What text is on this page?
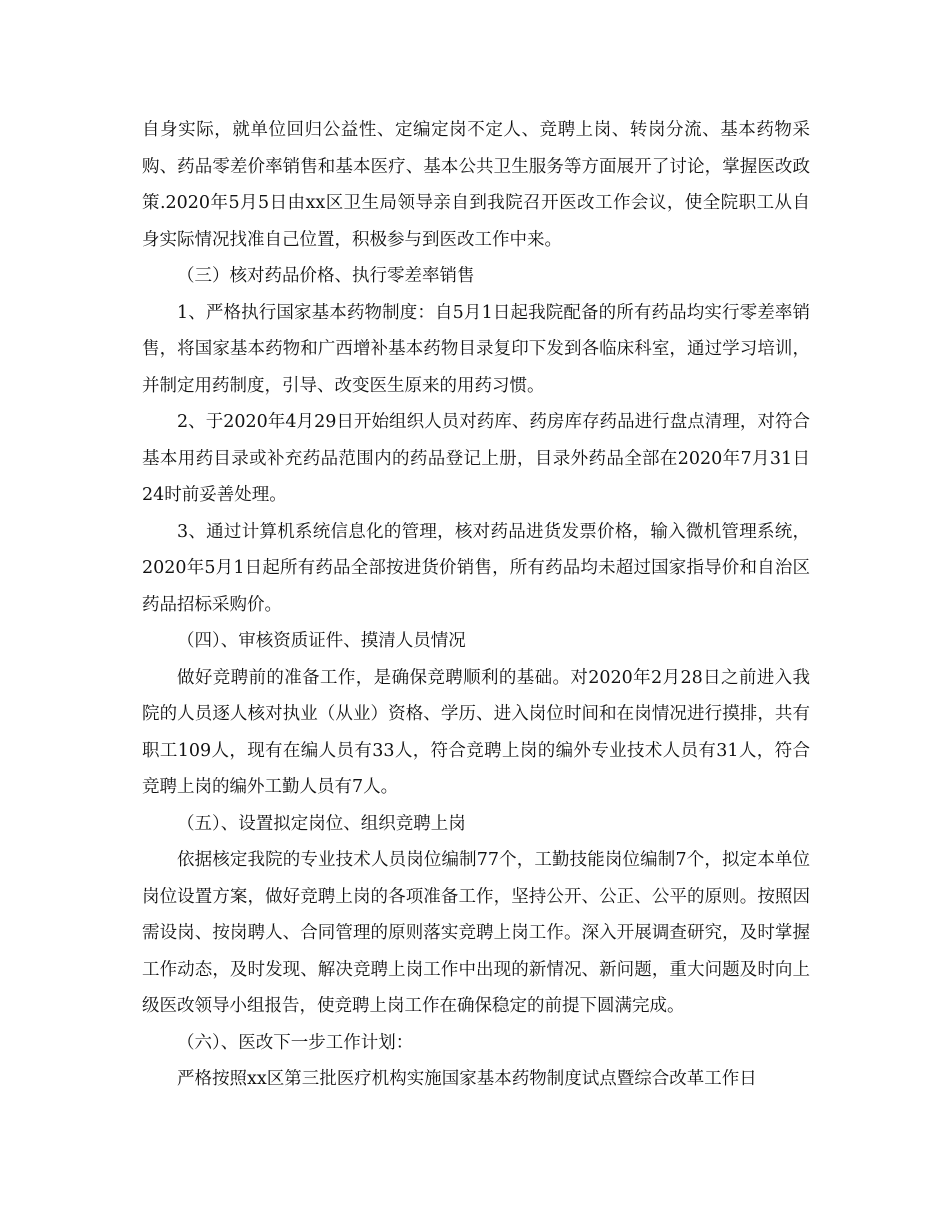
自身实际，就单位回归公益性、定编定岗不定人、竞聘上岗、转岗分流、基本药物采购、药品零差价率销售和基本医疗、基本公共卫生服务等方面展开了讨论，掌握医改政策.2020年5月5日由xx区卫生局领导亲自到我院召开医改工作会议，使全院职工从自身实际情况找准自己位置，积极参与到医改工作中来。

（三）核对药品价格、执行零差率销售

1、严格执行国家基本药物制度：自5月1日起我院配备的所有药品均实行零差率销售，将国家基本药物和广西增补基本药物目录复印下发到各临床科室，通过学习培训，并制定用药制度，引导、改变医生原来的用药习惯。

2、于2020年4月29日开始组织人员对药库、药房库存药品进行盘点清理，对符合基本用药目录或补充药品范围内的药品登记上册，目录外药品全部在2020年7月31日24时前妥善处理。

3、通过计算机系统信息化的管理，核对药品进货发票价格，输入微机管理系统，2020年5月1日起所有药品全部按进货价销售，所有药品均未超过国家指导价和自治区药品招标采购价。

（四）、审核资质证件、摸清人员情况

做好竞聘前的准备工作，是确保竞聘顺利的基础。对2020年2月28日之前进入我院的人员逐人核对执业（从业）资格、学历、进入岗位时间和在岗情况进行摸排，共有职工109人，现有在编人员有33人，符合竞聘上岗的编外专业技术人员有31人，符合竞聘上岗的编外工勤人员有7人。

（五）、设置拟定岗位、组织竞聘上岗

依据核定我院的专业技术人员岗位编制77个，工勤技能岗位编制7个，拟定本单位岗位设置方案，做好竞聘上岗的各项准备工作，坚持公开、公正、公平的原则。按照因需设岗、按岗聘人、合同管理的原则落实竞聘上岗工作。深入开展调查研究，及时掌握工作动态，及时发现、解决竞聘上岗工作中出现的新情况、新问题，重大问题及时向上级医改领导小组报告，使竞聘上岗工作在确保稳定的前提下圆满完成。

（六）、医改下一步工作计划：

严格按照xx区第三批医疗机构实施国家基本药物制度试点暨综合改革工作日
